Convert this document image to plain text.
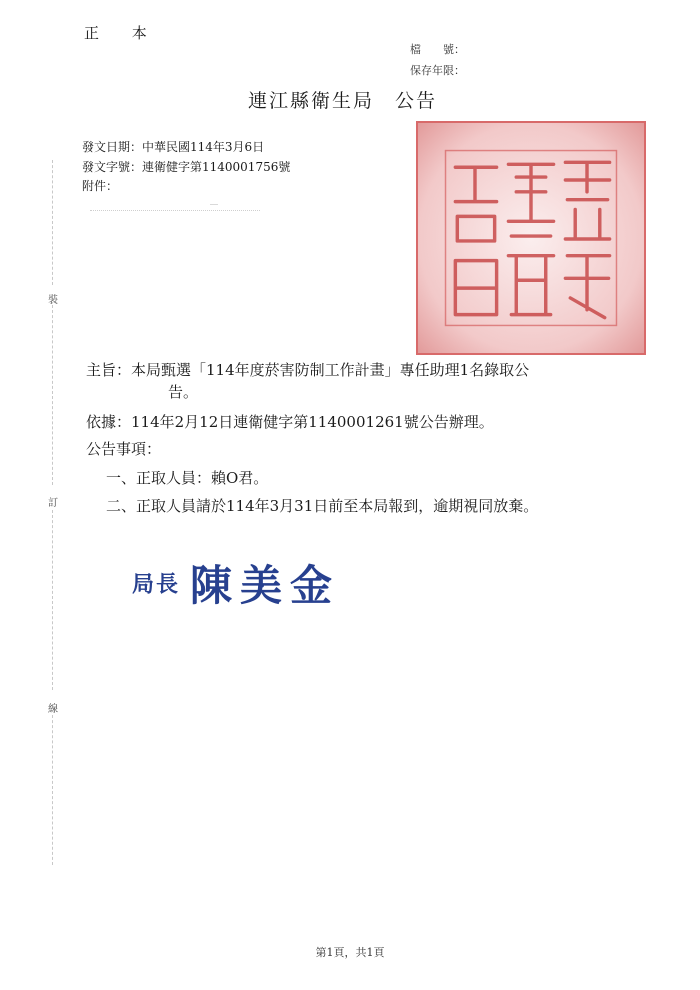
正 本
檔　　號：
保存年限：
連江縣衛生局　公告
發文日期：中華民國114年3月6日
發文字號：連衛健字第1140001756號
附件：
裝
訂
線
主旨：本局甄選「114年度菸害防制工作計畫」專任助理1名錄取公
告。
依據：114年2月12日連衛健字第1140001261號公告辦理。
公告事項：
一、正取人員：賴O君。
二、正取人員請於114年3月31日前至本局報到，逾期視同放棄。
局長 陳美金
第1頁，共1頁
